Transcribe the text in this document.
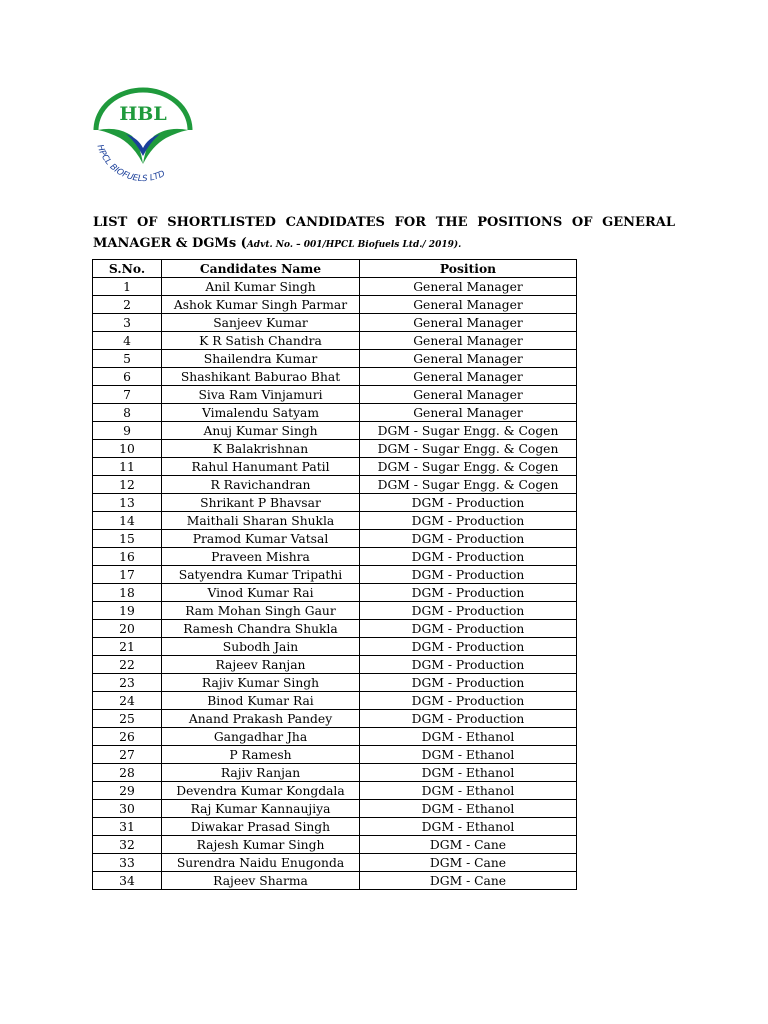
HBL
HPCL BIOFUELS LTD
LIST OF SHORTLISTED CANDIDATES FOR THE POSITIONS OF GENERAL MANAGER & DGMs (Advt. No. – 001/HPCL Biofuels Ltd./ 2019).
S.No.	Candidates Name	Position
1	Anil Kumar Singh	General Manager
2	Ashok Kumar Singh Parmar	General Manager
3	Sanjeev Kumar	General Manager
4	K R Satish Chandra	General Manager
5	Shailendra Kumar	General Manager
6	Shashikant Baburao Bhat	General Manager
7	Siva Ram Vinjamuri	General Manager
8	Vimalendu Satyam	General Manager
9	Anuj Kumar Singh	DGM - Sugar Engg. & Cogen
10	K Balakrishnan	DGM - Sugar Engg. & Cogen
11	Rahul Hanumant Patil	DGM - Sugar Engg. & Cogen
12	R Ravichandran	DGM - Sugar Engg. & Cogen
13	Shrikant P Bhavsar	DGM - Production
14	Maithali Sharan Shukla	DGM - Production
15	Pramod Kumar Vatsal	DGM - Production
16	Praveen Mishra	DGM - Production
17	Satyendra Kumar Tripathi	DGM - Production
18	Vinod Kumar Rai	DGM - Production
19	Ram Mohan Singh Gaur	DGM - Production
20	Ramesh Chandra Shukla	DGM - Production
21	Subodh Jain	DGM - Production
22	Rajeev Ranjan	DGM - Production
23	Rajiv Kumar Singh	DGM - Production
24	Binod Kumar Rai	DGM - Production
25	Anand Prakash Pandey	DGM - Production
26	Gangadhar Jha	DGM - Ethanol
27	P Ramesh	DGM - Ethanol
28	Rajiv Ranjan	DGM - Ethanol
29	Devendra Kumar Kongdala	DGM - Ethanol
30	Raj Kumar Kannaujiya	DGM - Ethanol
31	Diwakar Prasad Singh	DGM - Ethanol
32	Rajesh Kumar Singh	DGM - Cane
33	Surendra Naidu Enugonda	DGM - Cane
34	Rajeev Sharma	DGM - Cane
